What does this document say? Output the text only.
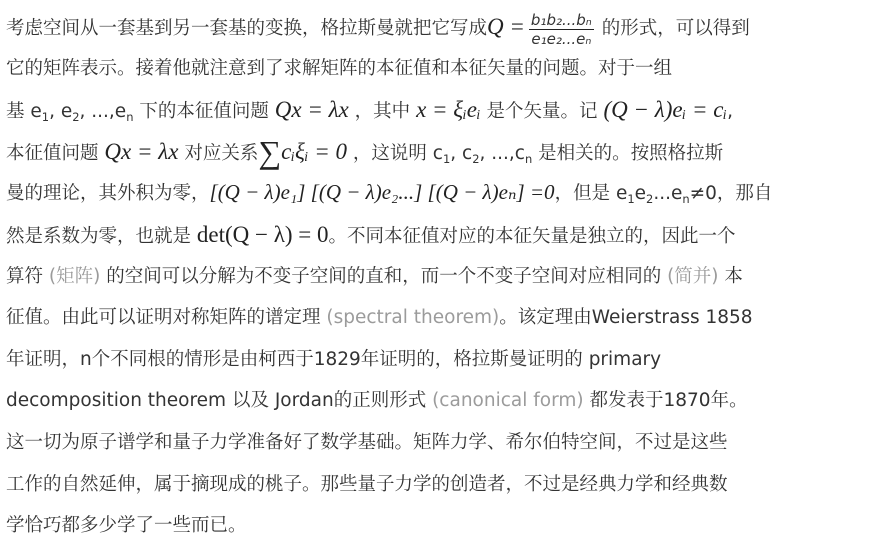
考虑空间从一套基到另一套基的变换，格拉斯曼就把它写成$Q = \frac{\text{b₁b₂...bₙ}}{\text{e₁e₂...eₙ}}$ 的形式，可以得到
它的矩阵表示。接着他就注意到了求解矩阵的本征值和本征矢量的问题。对于一组
基 $e_1$, $e_2$, $...,e_n$ 下的本征值问题 Qx = λx ，其中 x = ξᵢeᵢ 是个矢量。记 (Q − λ)eᵢ = cᵢ,
本征值问题 Qx = λx 对应关系∑cᵢξᵢ = 0 ，这说明 $c_1$, $c_2$, $...,c_n$ 是相关的。按照格拉斯
曼的理论，其外积为零，[(Q − λ)e₁] [(Q − λ)e₂...] [(Q − λ)eₙ] =0，但是 $e_1e_2...e_n\ne 0$，那自
然是系数为零，也就是 det(Q − λ) = 0。不同本征值对应的本征矢量是独立的，因此一个
算符 (矩阵) 的空间可以分解为不变子空间的直和，而一个不变子空间对应相同的 (简并) 本
征值。由此可以证明对称矩阵的谱定理 (spectral theorem)。该定理由Weierstrass 1858
年证明，n个不同根的情形是由柯西于1829年证明的，格拉斯曼证明的 primary
decomposition theorem 以及 Jordan的正则形式 (canonical form) 都发表于1870年。
这一切为原子谱学和量子力学准备好了数学基础。矩阵力学、希尔伯特空间，不过是这些
工作的自然延伸，属于摘现成的桃子。那些量子力学的创造者，不过是经典力学和经典数
学恰巧都多少学了一些而已。
